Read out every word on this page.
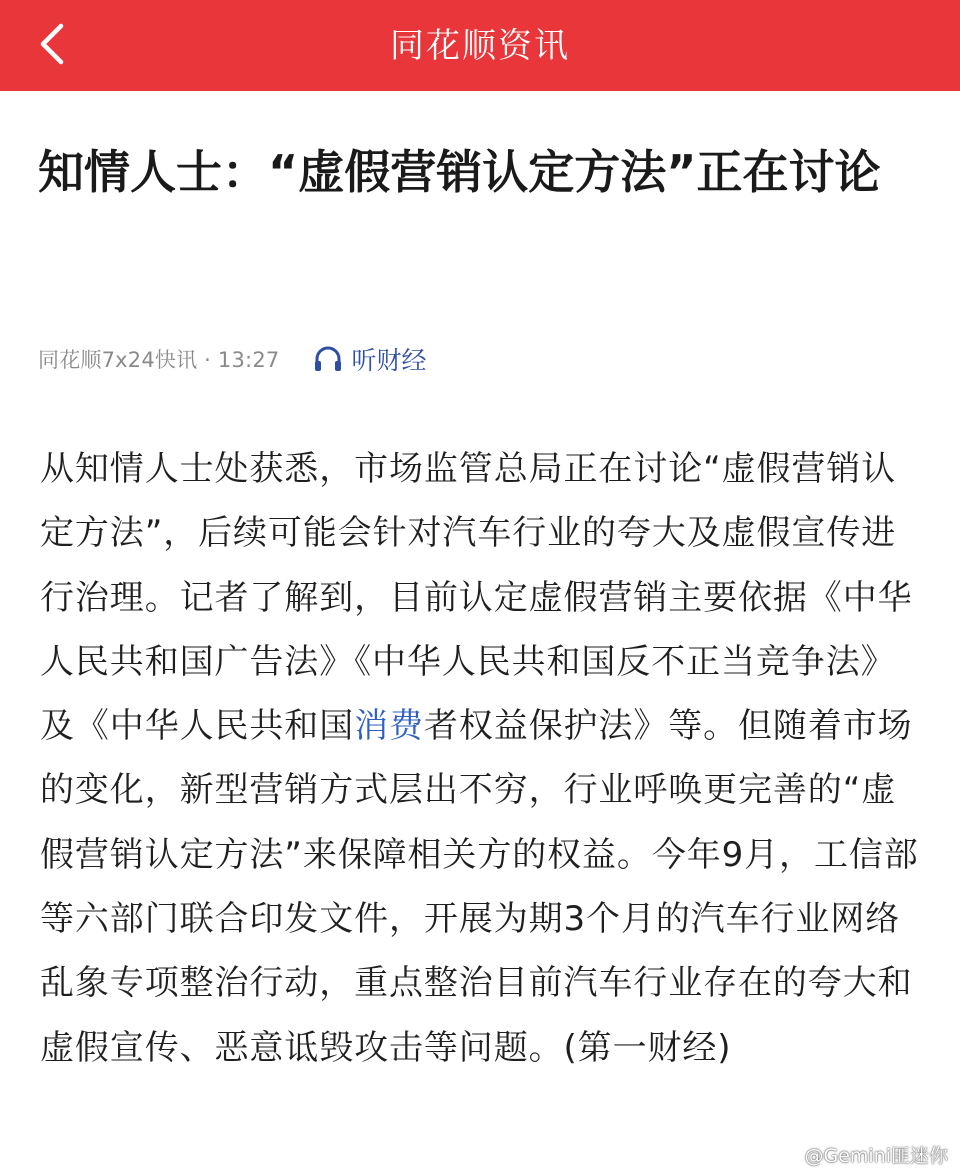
同花顺资讯
知情人士：“虚假营销认定方法”正在讨论
同花顺7x24快讯 · 13:27	听财经

从知情人士处获悉，市场监管总局正在讨论“虚假营销认定方法”，后续可能会针对汽车行业的夸大及虚假宣传进行治理。记者了解到，目前认定虚假营销主要依据《中华人民共和国广告法》《中华人民共和国反不正当竞争法》及《中华人民共和国消费者权益保护法》等。但随着市场的变化，新型营销方式层出不穷，行业呼唤更完善的“虚假营销认定方法”来保障相关方的权益。今年9月，工信部等六部门联合印发文件，开展为期3个月的汽车行业网络乱象专项整治行动，重点整治目前汽车行业存在的夸大和虚假宣传、恶意诋毁攻击等问题。(第一财经)

@Gemini匪迷你
